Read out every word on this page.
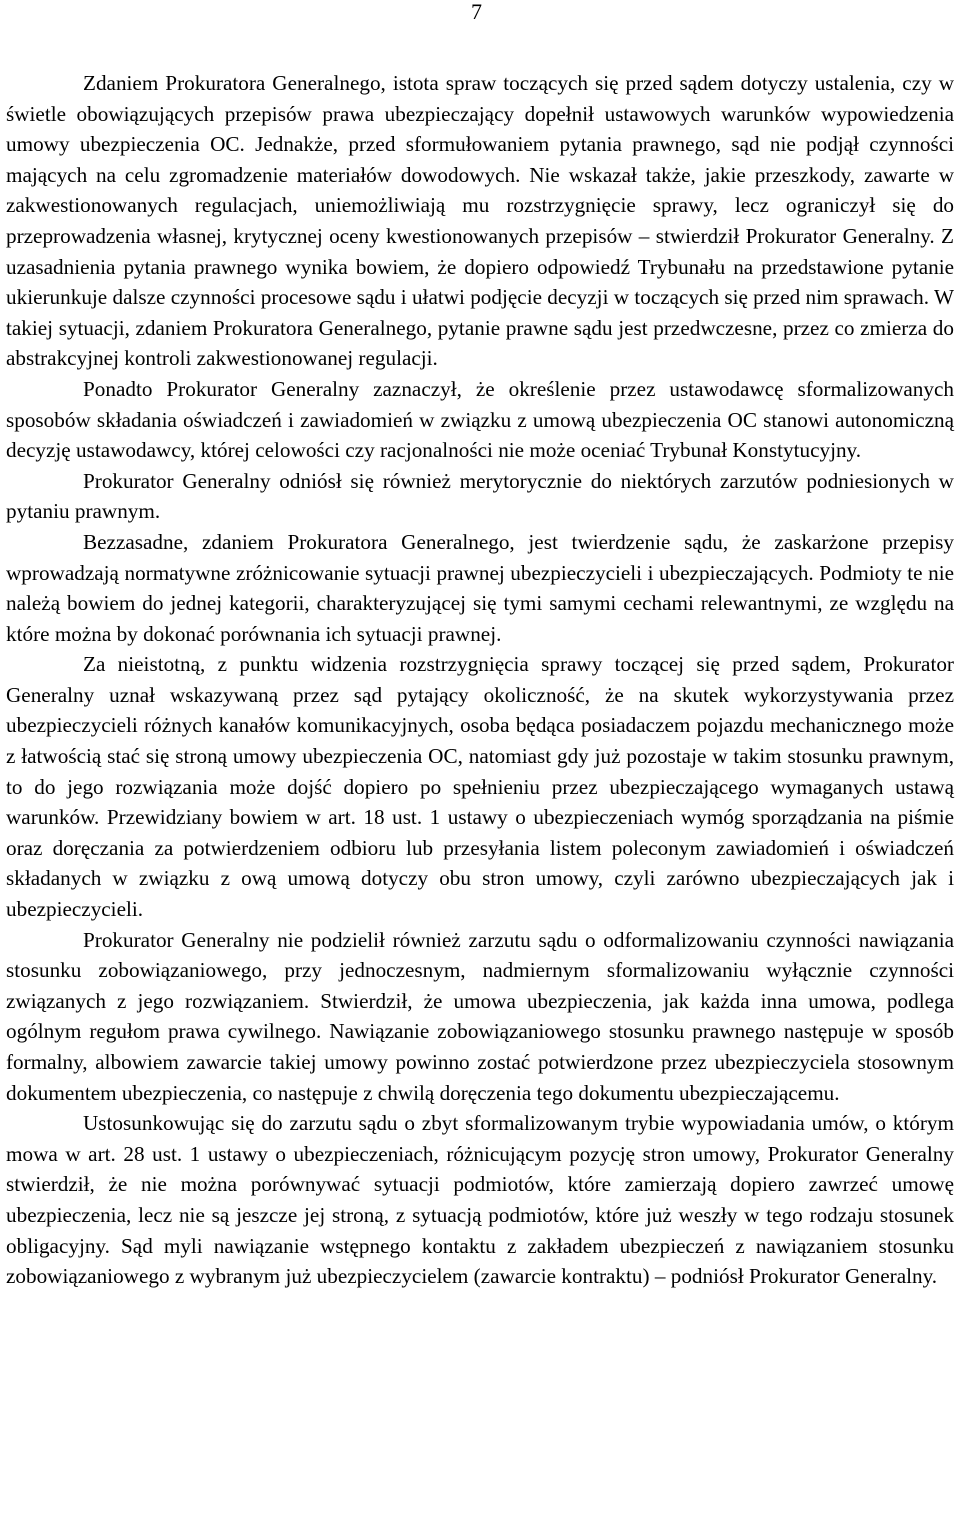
7

Zdaniem Prokuratora Generalnego, istota spraw toczących się przed sądem dotyczy ustalenia, czy w świetle obowiązujących przepisów prawa ubezpieczający dopełnił ustawowych warunków wypowiedzenia umowy ubezpieczenia OC. Jednakże, przed sformułowaniem pytania prawnego, sąd nie podjął czynności mających na celu zgromadzenie materiałów dowodowych. Nie wskazał także, jakie przeszkody, zawarte w zakwestionowanych regulacjach, uniemożliwiają mu rozstrzygnięcie sprawy, lecz ograniczył się do przeprowadzenia własnej, krytycznej oceny kwestionowanych przepisów – stwierdził Prokurator Generalny. Z uzasadnienia pytania prawnego wynika bowiem, że dopiero odpowiedź Trybunału na przedstawione pytanie ukierunkuje dalsze czynności procesowe sądu i ułatwi podjęcie decyzji w toczących się przed nim sprawach. W takiej sytuacji, zdaniem Prokuratora Generalnego, pytanie prawne sądu jest przedwczesne, przez co zmierza do abstrakcyjnej kontroli zakwestionowanej regulacji.

Ponadto Prokurator Generalny zaznaczył, że określenie przez ustawodawcę sformalizowanych sposobów składania oświadczeń i zawiadomień w związku z umową ubezpieczenia OC stanowi autonomiczną decyzję ustawodawcy, której celowości czy racjonalności nie może oceniać Trybunał Konstytucyjny.

Prokurator Generalny odniósł się również merytorycznie do niektórych zarzutów podniesionych w pytaniu prawnym.

Bezzasadne, zdaniem Prokuratora Generalnego, jest twierdzenie sądu, że zaskarżone przepisy wprowadzają normatywne zróżnicowanie sytuacji prawnej ubezpieczycieli i ubezpieczających. Podmioty te nie należą bowiem do jednej kategorii, charakteryzującej się tymi samymi cechami relewantnymi, ze względu na które można by dokonać porównania ich sytuacji prawnej.

Za nieistotną, z punktu widzenia rozstrzygnięcia sprawy toczącej się przed sądem, Prokurator Generalny uznał wskazywaną przez sąd pytający okoliczność, że na skutek wykorzystywania przez ubezpieczycieli różnych kanałów komunikacyjnych, osoba będąca posiadaczem pojazdu mechanicznego może z łatwością stać się stroną umowy ubezpieczenia OC, natomiast gdy już pozostaje w takim stosunku prawnym, to do jego rozwiązania może dojść dopiero po spełnieniu przez ubezpieczającego wymaganych ustawą warunków. Przewidziany bowiem w art. 18 ust. 1 ustawy o ubezpieczeniach wymóg sporządzania na piśmie oraz doręczania za potwierdzeniem odbioru lub przesyłania listem poleconym zawiadomień i oświadczeń składanych w związku z ową umową dotyczy obu stron umowy, czyli zarówno ubezpieczających jak i ubezpieczycieli.

Prokurator Generalny nie podzielił również zarzutu sądu o odformalizowaniu czynności nawiązania stosunku zobowiązaniowego, przy jednoczesnym, nadmiernym sformalizowaniu wyłącznie czynności związanych z jego rozwiązaniem. Stwierdził, że umowa ubezpieczenia, jak każda inna umowa, podlega ogólnym regułom prawa cywilnego. Nawiązanie zobowiązaniowego stosunku prawnego następuje w sposób formalny, albowiem zawarcie takiej umowy powinno zostać potwierdzone przez ubezpieczyciela stosownym dokumentem ubezpieczenia, co następuje z chwilą doręczenia tego dokumentu ubezpieczającemu.

Ustosunkowując się do zarzutu sądu o zbyt sformalizowanym trybie wypowiadania umów, o którym mowa w art. 28 ust. 1 ustawy o ubezpieczeniach, różnicującym pozycję stron umowy, Prokurator Generalny stwierdził, że nie można porównywać sytuacji podmiotów, które zamierzają dopiero zawrzeć umowę ubezpieczenia, lecz nie są jeszcze jej stroną, z sytuacją podmiotów, które już weszły w tego rodzaju stosunek obligacyjny. Sąd myli nawiązanie wstępnego kontaktu z zakładem ubezpieczeń z nawiązaniem stosunku zobowiązaniowego z wybranym już ubezpieczycielem (zawarcie kontraktu) – podniósł Prokurator Generalny.
